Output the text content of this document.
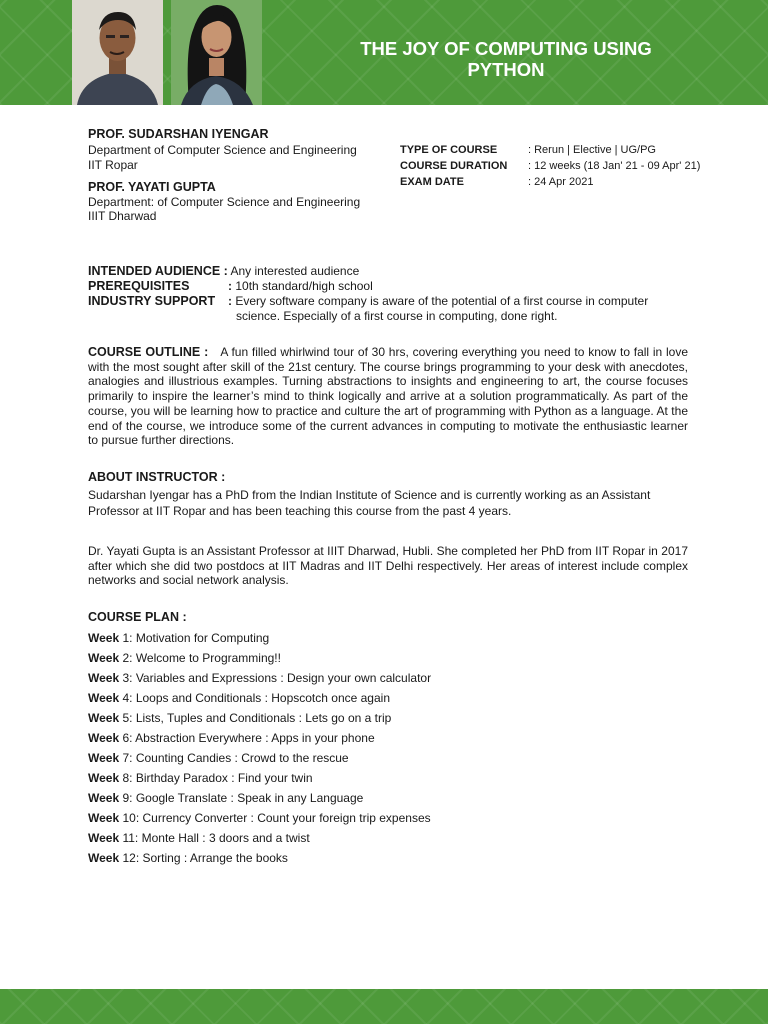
THE JOY OF COMPUTING USING PYTHON
PROF. SUDARSHAN IYENGAR
Department of Computer Science and Engineering
IIT Ropar
PROF. YAYATI GUPTA
Department: of Computer Science and Engineering
IIIT Dharwad
TYPE OF COURSE	: Rerun | Elective | UG/PG
COURSE DURATION	: 12 weeks (18 Jan' 21 - 09 Apr' 21)
EXAM DATE	: 24 Apr 2021
INTENDED AUDIENCE : Any interested audience
PREREQUISITES	: 10th standard/high school
INDUSTRY SUPPORT : Every software company is aware of the potential of a first course in computer
science. Especially of a first course in computing, done right.
COURSE OUTLINE : A fun filled whirlwind tour of 30 hrs, covering everything you need to know to fall in love with the most sought after skill of the 21st century. The course brings programming to your desk with anecdotes, analogies and illustrious examples. Turning abstractions to insights and engineering to art, the course focuses primarily to inspire the learner’s mind to think logically and arrive at a solution programmatically. As part of the course, you will be learning how to practice and culture the art of programming with Python as a language. At the end of the course, we introduce some of the current advances in computing to motivate the enthusiastic learner to pursue further directions.
ABOUT INSTRUCTOR :
Sudarshan Iyengar has a PhD from the Indian Institute of Science and is currently working as an Assistant Professor at IIT Ropar and has been teaching this course from the past 4 years.
Dr. Yayati Gupta is an Assistant Professor at IIIT Dharwad, Hubli. She completed her PhD from IIT Ropar in 2017 after which she did two postdocs at IIT Madras and IIT Delhi respectively. Her areas of interest include complex networks and social network analysis.
COURSE PLAN :
Week 1: Motivation for Computing
Week 2: Welcome to Programming!!
Week 3: Variables and Expressions : Design your own calculator
Week 4: Loops and Conditionals : Hopscotch once again
Week 5: Lists, Tuples and Conditionals : Lets go on a trip
Week 6: Abstraction Everywhere : Apps in your phone
Week 7: Counting Candies : Crowd to the rescue
Week 8: Birthday Paradox : Find your twin
Week 9: Google Translate : Speak in any Language
Week 10: Currency Converter : Count your foreign trip expenses
Week 11: Monte Hall : 3 doors and a twist
Week 12: Sorting : Arrange the books
